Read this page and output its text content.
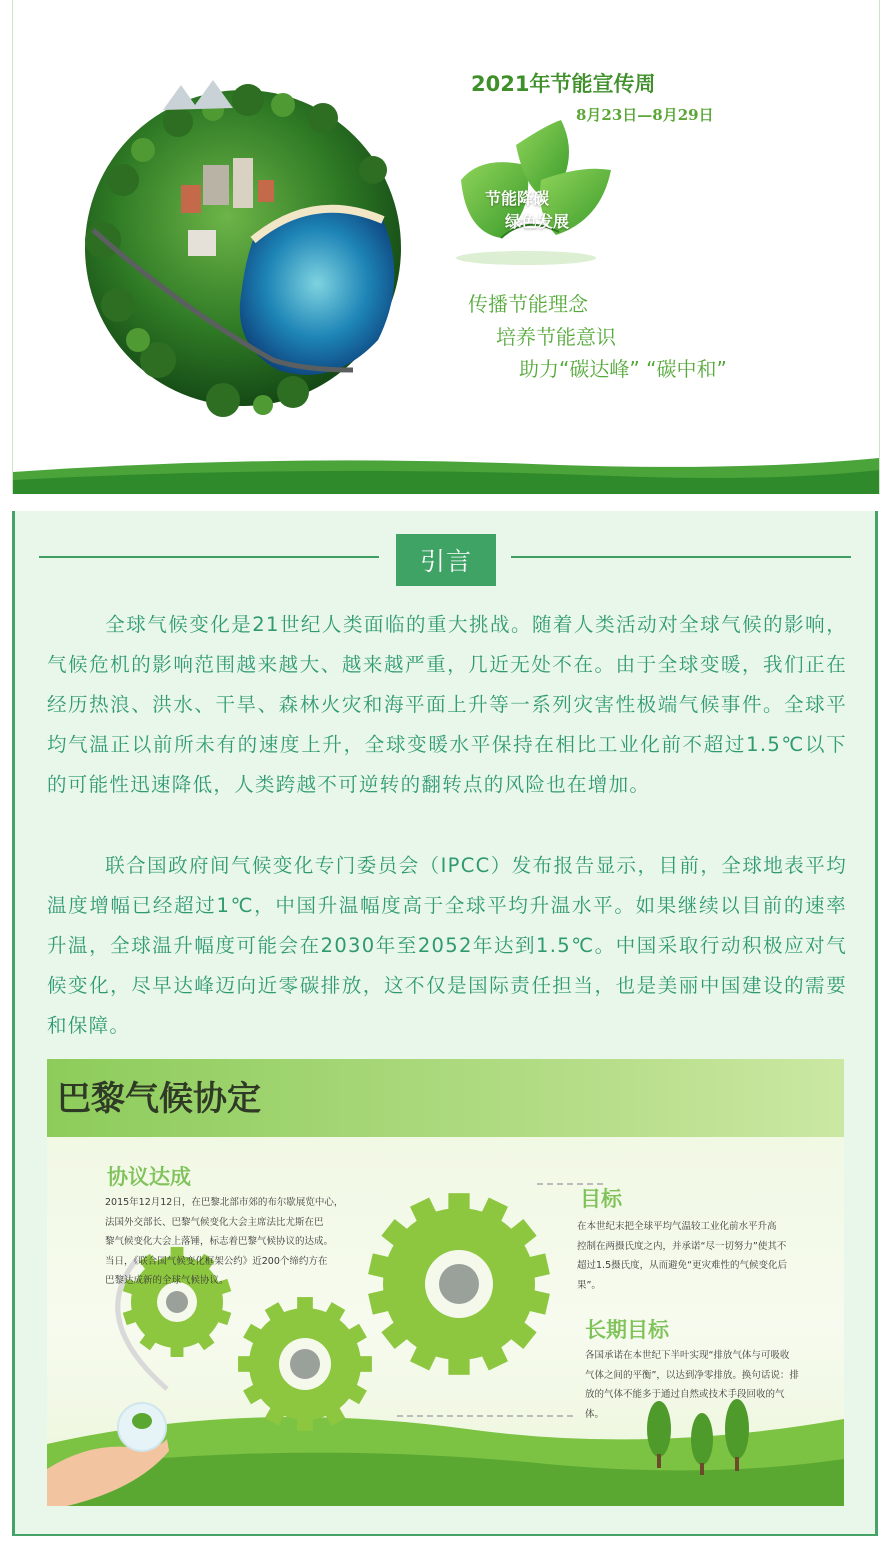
2021年节能宣传周
8月23日—8月29日
节能降碳
绿色发展
传播节能理念
培养节能意识
助力“碳达峰” “碳中和”
引言

全球气候变化是21世纪人类面临的重大挑战。随着人类活动对全球气候的影响，气候危机的影响范围越来越大、越来越严重，几近无处不在。由于全球变暖，我们正在经历热浪、洪水、干旱、森林火灾和海平面上升等一系列灾害性极端气候事件。全球平均气温正以前所未有的速度上升，全球变暖水平保持在相比工业化前不超过1.5℃以下的可能性迅速降低，人类跨越不可逆转的翻转点的风险也在增加。

联合国政府间气候变化专门委员会（IPCC）发布报告显示，目前，全球地表平均温度增幅已经超过1℃，中国升温幅度高于全球平均升温水平。如果继续以目前的速率升温，全球温升幅度可能会在2030年至2052年达到1.5℃。中国采取行动积极应对气候变化，尽早达峰迈向近零碳排放，这不仅是国际责任担当，也是美丽中国建设的需要和保障。

巴黎气候协定
协议达成
2015年12月12日，在巴黎北部市郊的布尔歇展览中心，
法国外交部长、巴黎气候变化大会主席法比尤斯在巴
黎气候变化大会上落锤，标志着巴黎气候协议的达成。
当日，《联合国气候变化框架公约》近200个缔约方在
巴黎达成新的全球气候协议。
目标
在本世纪末把全球平均气温较工业化前水平升高
控制在两摄氏度之内，并承诺“尽一切努力”使其不
超过1.5摄氏度，从而避免“更灾难性的气候变化后
果”。
长期目标
各国承诺在本世纪下半叶实现“排放气体与可吸收
气体之间的平衡”，以达到净零排放。换句话说：排
放的气体不能多于通过自然或技术手段回收的气
体。
